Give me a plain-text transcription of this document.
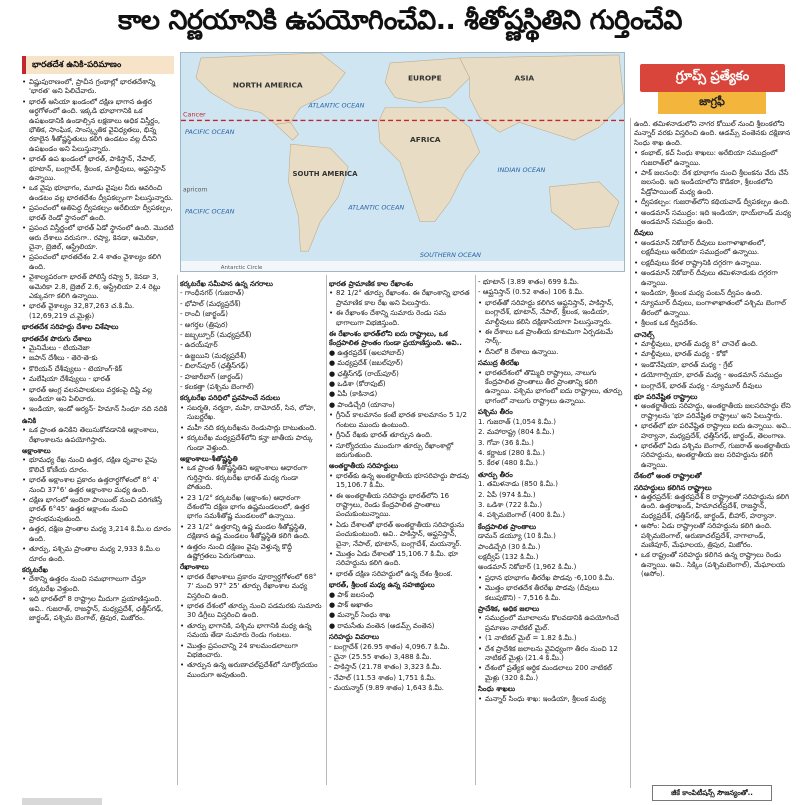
కాల నిర్ణయానికి ఉపయోగించేవి.. శీతోష్ణస్థితిని గుర్తించేవి
భారతదేశ ఉనికి-పరిమాణం
Cancer
NORTH AMERICA
EUROPE	ASIA
AFRICA
SOUTH AMERICA
ATLANTIC OCEAN
PACIFIC OCEAN
INDIAN OCEAN
ATLANTIC OCEAN
PACIFIC OCEAN
apricorn
SOUTHERN OCEAN
Antarctic Circle
గ్రూప్స్ ప్రత్యేకం
జాగ్రఫీ

• విష్ణుపురాణంలో, ప్రాచీన గ్రంథాల్లో భారతదేశాన్ని 'భారత' అని పిలిచేవారు.

• భారత్ ఆసియా ఖండంలో దక్షిణ భాగాన ఉత్తర అర్ధగోళంలో ఉంది. ఇక్కడి భూభాగానికి ఒక ఉపఖండానికి ఉండాల్సిన లక్షణాలు అధిక విస్తీర్ణం, భౌతిక, సాంఘిక, సాంస్కృతిక వైవిధ్యతలు, భిన్న రకాలైన శీతోష్ణస్థితులు కలిగి ఉండటం వల్ల దీనిని ఉపఖండం అని పిలుస్తున్నారు.

• భారత్ ఉప ఖండంలో భారత్, పాకిస్తాన్, నేపాల్, భూటాన్, బంగ్లాదేశ్, శ్రీలంక, మాల్దీవులు, ఆఫ్ఘనిస్తాన్ ఉన్నాయి.

• ఒక వైపు భూభాగం, మూడు వైపుల నీరు ఆవరించి ఉండటం వల్ల భారతదేశం ద్వీపకల్పంగా పిలుస్తున్నారు.

• ప్రపంచంలో అతిపెద్ద ద్వీపకల్పం అరేబియా ద్వీపకల్పం, భారత్ రెండో స్థానంలో ఉంది.

• ప్రపంచ విస్తీర్ణంలో భారత్ ఏడో స్థానంలో ఉంది. మొదటి ఆరు దేశాలు వరుసగా.. రష్యా, కెనడా, అమెరికా, చైనా, బ్రెజిల్, ఆస్ట్రేలియా.

• ప్రపంచంలో భారతదేశం 2.4 శాతం వైశాల్యం కలిగి ఉంది.

• వైశాల్యపరంగా భారత్ పోలిస్తే రష్యా 5, కెనడా 3, అమెరికా 2.8, బ్రెజిల్ 2.6, ఆస్ట్రేలియా 2.4 రెట్లు ఎక్కువగా కలిగి ఉన్నాయి.

• భారత్ వైశాల్యం 32,87,263 చ.కి.మీ. (12,69,219 చ.మైళ్లు)

భారతదేశ సరిహద్దు దేశాల విశేషాలు

భారతదేశ పొరుగు దేశాలు

• మైనిమేలు - టియనెజా

• జపాన్ దేశీలు - తెరె-తె-కు

• కొరియన్ దేశీవ్యులు - టెయాంగ్-కిక్

• మలేషియా దేశీవ్యులు - భారత్

• భారత్ ఆంగ్ల వలసపాలకులు వర్తకంపై దిష్టి వల్ల ఇండియా అని పిలిచారు.

• ఇండియా, ఇండో ఆర్యన్- హిమాన్ సింధూ నది నదికి

ఉనికి

• ఒక ప్రాంత ఉనికిని తెలుసుకోవడానికి అక్షాంశాలు, రేఖాంశాలను ఉపయోగిస్తారు.

అక్షాంశాలు

• భూమధ్య రేఖ నుంచి ఉత్తర, దక్షిణ ధృవాల వైపు కొలిచే కోణీయ దూరం.

• భారత్ అక్షాంశాల ప్రకారం ఉత్తరార్ధగోళంలో 8° 4' నుంచి 37°6' ఉత్తర అక్షాంశాల మధ్య ఉంది.

• దక్షిణ భాగంలో ఇందిరా పాయింట్ నుంచి పరిగణిస్తే భారత్ 6°45' ఉత్తర అక్షాంశం నుంచి ప్రారంభమవుతుంది.

• ఉత్తర, దక్షిణ ప్రాంతాల మధ్య 3,214 కి.మీ.ల దూరం ఉంది.

• తూర్పు, పశ్చిమ ప్రాంతాల మధ్య 2,933 కి.మీ.ల దూరం ఉంది.

కర్కటరేఖ

• దేశాన్ని ఉత్తరం నుంచి సమభాగాలుగా చేస్తూ కర్కటరేఖ వెళ్తుంది.

• ఇది భారత్‌లో 8 రాష్ట్రాల మీదుగా ప్రయాణిస్తుంది. అవి.. గుజరాత్, రాజస్థాన్, మధ్యప్రదేశ్, ఛత్తీస్‌గఢ్, జార్ఖండ్, పశ్చిమ బెంగాల్, త్రిపుర, మిజోరం.

కర్కటరేఖ సమీపాన ఉన్న నగరాలు

- గాంధీనగర్ (గుజరాత్)

- భోపాల్ (మధ్యప్రదేశ్)

- రాంచీ (జార్ఖండ్)

- అగర్తల (త్రిపుర)

- జబ్బల్పూర్ (మధ్యప్రదేశ్)

- ఉదయ్‌పూర్

- ఉజ్జయిని (మధ్యప్రదేశ్)

- బిలాస్‌పూర్ (ఛత్తీస్‌గఢ్)

- హజారీబాగ్ (జార్ఖండ్)

- కలకత్తా (పశ్చిమ బెంగాల్)

కర్కటరేఖ పరిధిలో ప్రవహించే నదులు

• సబర్మతి, నర్మదా, మహి, దామోదర్, సిన, లోహ, సుబర్ణరేఖ.

• మహీ నది కర్కటరేఖను రెండుసార్లు దాటుతుంది.

• కర్కటరేఖ మధ్యప్రదేశ్‌లోని కన్హా జాతీయ పార్కు గుండా వెళ్తుంది.

అక్షాంశాలు-శీతోష్ణస్థితి

• ఒక ప్రాంత శీతోష్ణస్థితిని అక్షాంశాలు ఆధారంగా గుర్తిస్తారు. కర్కటరేఖ భారత్ మధ్య గుండా పోతుంది.

• 23 1/2° కర్కటరేఖ (అక్షాంశం) ఆధారంగా దేశంలోని దక్షిణ భాగం ఉష్ణమండలంలో, ఉత్తర భాగం సమశీతోష్ణ మండలంలో ఉన్నాయి.

• 23 1/2° ఉత్తరాన్ని ఉష్ణ మండల శీతోష్ణస్థితి, దక్షిణాన ఉష్ణ మండలం శీతోష్ణస్థితి కలిగి ఉంది.

• ఉత్తరం నుంచి దక్షిణం వైపు వెళ్తున్న కొద్దీ ఉష్ణోగ్రతలు పెరుగుతాయి.

రేఖాంశాలు

• భారత రేఖాంశాలు ప్రకారం పూర్వార్ధగోళంలో 68° 7' నుంచి 97° 25' తూర్పు రేఖాంశాల మధ్య విస్తరించి ఉంది.

• భారత దేశంలో తూర్పు నుంచి పడమరకు సుమారు 30 డిగ్రీలు విస్తరించి ఉంది.

• తూర్పు భాగానికి, పశ్చిమ భాగానికి మధ్య ఉన్న సమయ తేడా సుమారు రెండు గంటలు.

• మొత్తం ప్రపంచాన్ని 24 కాలమండలాలుగా విభజించారు.

• తూర్పున ఉన్న అరుణాచల్‌ప్రదేశ్‌లో సూర్యోదయం ముందుగా అవుతుంది.

భారత ప్రామాణిక కాల రేఖాంశం

• 82 1/2° తూర్పు రేఖాంశం. ఈ రేఖాంశాన్ని భారత ప్రామాణిక కాల రేఖ అని పిలుస్తారు.

• ఈ రేఖాంశం దేశాన్ని సుమారు రెండు సమ భాగాలుగా విభజిస్తుంది.

ఈ రేఖాంశం భారత్‌లోని ఐదు రాష్ట్రాలు, ఒక కేంద్రపాలిత ప్రాంతం గుండా ప్రయాణిస్తుంది. అవి..

● ఉత్తరప్రదేశ్ (అలహాబాద్)

● మధ్యప్రదేశ్ (జబల్‌పూర్)

● ఛత్తీస్‌గఢ్ (రాయ్‌పూర్)

● ఒడిశా (కోరాపుట్)

● ఏపీ (కాకినాడ)

● పాండిచ్చేరి (యానాం)

• గ్రీనిచ్ కాలమానం కంటే భారత కాలమానం 5 1/2 గంటలు ముందు ఉంటుంది.

• గ్రీనిచ్ రేఖకు భారత్ తూర్పున ఉంది.

• సూర్యోదయం ముందుగా తూర్పు రేఖాంశాల్లో జరుగుతుంది.

అంతర్జాతీయ సరిహద్దులు

• భారత్‌కు ఉన్న అంతర్జాతీయ భూసరిహద్దు పొడవు 15,106.7 కి.మీ.

• ఈ అంతర్జాతీయ సరిహద్దు భారత్‌లోని 16 రాష్ట్రాలు, రెండు కేంద్రపాలిత ప్రాంతాలు పంచుకుంటున్నాయి.

• ఏడు దేశాలతో భారత్ అంతర్జాతీయ సరిహద్దును పంచుకుంటుంది. అవి.. పాకిస్తాన్, ఆఫ్ఘనిస్తాన్, చైనా, నేపాల్, భూటాన్, బంగ్లాదేశ్, మయన్మార్.

• మొత్తం ఏడు దేశాలతో 15,106.7 కి.మీ. భూ సరిహద్దును కలిగి ఉంది.

• భారత్ దక్షిణ సరిహద్దులో ఉన్న దేశం శ్రీలంక.

భారత్, శ్రీలంక మధ్య ఉన్న సహజిద్దులు

● పాక్ జలసంధి

● పాక్ అఖాతం

● మన్నార్ సింధు శాఖ

● రామసేతు వంతెన (ఆడమ్స్ వంతెన)

సరిహద్దు వివరాలు

- బంగ్లాదేశ్ (26.95 శాతం) 4,096.7 కి.మీ.

- చైనా (25.55 శాతం) 3,488 కి.మీ.

- పాకిస్తాన్ (21.78 శాతం) 3,323 కి.మీ.

- నేపాల్ (11.53 శాతం) 1,751 కి.మీ.

- మయన్మార్ (9.89 శాతం) 1,643 కి.మీ.

- భూటాన్ (3.89 శాతం) 699 కి.మీ.

- ఆఫ్ఘనిస్తాన్ (0.52 శాతం) 106 కి.మీ.

• భారత్‌తో సరిహద్దు కలిగిన ఆఫ్ఘనిస్తాన్, పాకిస్తాన్, బంగ్లాదేశ్, భూటాన్, నేపాల్, శ్రీలంక, ఇండియా, మాల్దీవులు కలిసి దక్షిణాసియాగా పిలుస్తున్నారు.

• ఈ దేశాలు ఒక ప్రాంతీయ కూటమిగా ఏర్పడటమే సార్క్.

• దీనిలో 8 దేశాలు ఉన్నాయి.

సముద్ర తీరరేఖ

• భారతదేశంలో తొమ్మిది రాష్ట్రాలు, నాలుగు కేంద్రపాలిత ప్రాంతాలు తీర ప్రాంతాన్ని కలిగి ఉన్నాయి. పశ్చిమ భాగంలో ఐదు రాష్ట్రాలు, తూర్పు భాగంలో నాలుగు రాష్ట్రాలు ఉన్నాయి.

పశ్చిమ తీరం

1. గుజరాత్ (1,054 కి.మీ.)

2. మహారాష్ట్ర (804 కి.మీ.)

3. గోవా (36 కి.మీ.)

4. కర్ణాటక (280 కి.మీ.)

5. కేరళ (480 కి.మీ.)

తూర్పు తీరం

1. తమిళనాడు (850 కి.మీ.)

2. ఏపీ (974 కి.మీ.)

3. ఒడిశా (722 కి.మీ.)

4. పశ్చిమబెంగాల్ (400 కి.మీ.)

కేంద్రపాలిత ప్రాంతాలు

డామన్ డయ్యూ (10 కి.మీ.)

పాండిచ్చేరి (30 కి.మీ.)

లక్షద్వీప్ (132 కి.మీ.)

అండమాన్ నికోబార్ (1,962 కి.మీ.)

• ప్రధాన భూభాగం తీరరేఖ పొడవు -6,100 కి.మీ.

• మొత్తం భారతదేశ తీరరేఖ పొడవు (దీవులు కలుపుకొని) - 7,516 కి.మీ.

ప్రాదేశిక, అధిక జలాలు

• సముద్రంలో మూలాలను కొలవడానికి ఉపయోగించే ప్రమాణం నాటికల్ మైల్.

• (1 నాటికల్ మైల్ = 1.82 కి.మీ.)

• దేశ ప్రాదేశిక జలాలను వైవిధ్యంగా తీరం నుంచి 12 నాటికల్ మైళ్లు (21.4 కి.మీ.)

• దేశంలో ప్రత్యేక ఆర్థిక మండలాలు 200 నాటికల్ మైళ్లు (320 కి.మీ.)

సింధు శాఖలు

• మన్నార్ సింధు శాఖ: ఇండియా, శ్రీలంక మధ్య

ఉంది. తమిళనాడులోని నాగర కోయిల్ నుంచి శ్రీలంకలోని మన్నార్ వరకు విస్తరించి ఉంది. ఆడమ్స్ వంతెనకు దక్షిణాన సింధు శాఖ ఉంది.

• కంభాట్, కచ్ సింధు శాఖలు: అరేబియా సముద్రంలో గుజరాత్‌లో ఉన్నాయి.

• పాక్ జలసంధి: దేశ భూభాగం నుంచి శ్రీలంకను వేరు చేసే జలసంధి. ఇది ఇండియాలోని కొడికరా, శ్రీలంకలోని పేడ్రోపాయింట్ మధ్య ఉంది.

• ద్వీపకల్పం: గుజరాత్‌లోని కథియవాడ్ ద్వీపకల్పం ఉంది.

• అండమాన్ సముద్రం: ఇది ఇండియా, థాయ్‌లాండ్ మధ్య అండమాన్ సముద్రం ఉంది.

దీవులు

• అండమాన్ నికోబార్ దీవులు బంగాళాఖాతంలో, లక్షదీవులు అరేబియా సముద్రంలో ఉన్నాయి.

• లక్షదీవులు కేరళ రాష్ట్రానికి దగ్గరగా ఉన్నాయి.

• అండమాన్ నికోబార్ దీవులు తమిళనాడుకు దగ్గరగా ఉన్నాయి.

• ఇండియా, శ్రీలంక మధ్య పంబన్ ద్వీపం ఉంది.

• న్యూమూర్ దీవులు, బంగాళాఖాతంలో పశ్చిమ బెంగాల్ తీరంలో ఉన్నాయి.

• శ్రీలంక ఒక ద్వీపదేశం.

చానెల్స్

• మాల్దీవులు, భారత్ మధ్య 8° చానెల్ ఉంది.

• మాల్దీవులు, భారత్ మధ్య - కోకో

• ఇండొనేషియా, భారత్ మధ్య - గ్రేట్

• డయోగార్సియా, భారత్ మధ్య - అండమాన్ సముద్రం

• బంగ్లాదేశ్, భారత్ మధ్య - న్యూమూర్ దీవులు

భూ పరివేష్టిత రాష్ట్రాలు

• అంతర్జాతీయ సరిహద్దు, అంతర్జాతీయ జలసరిహద్దు లేని రాష్ట్రాలను 'భూ పరివేష్టిత రాష్ట్రాలు' అని పిలుస్తారు.

• భారత్‌లో భూ పరివేష్టిత రాష్ట్రాలు ఐదు ఉన్నాయి. అవి.. హర్యానా, మధ్యప్రదేశ్, ఛత్తీస్‌గఢ్, జార్ఖండ్, తెలంగాణ.

• భారత్‌లో ఏడు పశ్చిమ బెంగాల్, గుజరాత్ అంతర్జాతీయ సరిహద్దును, అంతర్జాతీయ జల సరిహద్దును కలిగి ఉన్నాయి.

దేశంలో అంత రాష్ట్రాలతో

సరిహద్దులు కలిగిన రాష్ట్రాలు

• ఉత్తరప్రదేశ్: ఉత్తరప్రదేశ్ 8 రాష్ట్రాలతో సరిహద్దును కలిగి ఉంది. ఉత్తరాఖండ్, హిమాచల్‌ప్రదేశ్, రాజస్థాన్, మధ్యప్రదేశ్, ఛత్తీస్‌గఢ్, జార్ఖండ్, బీహార్, హర్యానా.

• అసోం: ఏడు రాష్ట్రాలతో సరిహద్దును కలిగి ఉంది. పశ్చిమబెంగాల్, అరుణాచల్‌ప్రదేశ్, నాగాలాండ్, మణిపూర్, మేఘాలయ, త్రిపుర, మిజోరం.

• ఒక రాష్ట్రంతో సరిహద్దు కలిగిన ఉన్న రాష్ట్రాలు రెండు ఉన్నాయి. అవి.. సిక్కిం (పశ్చిమబెంగాల్), మేఘాలయ (అసోం).

జీకే కాంపిటీషన్స్ సౌజన్యంతో..
